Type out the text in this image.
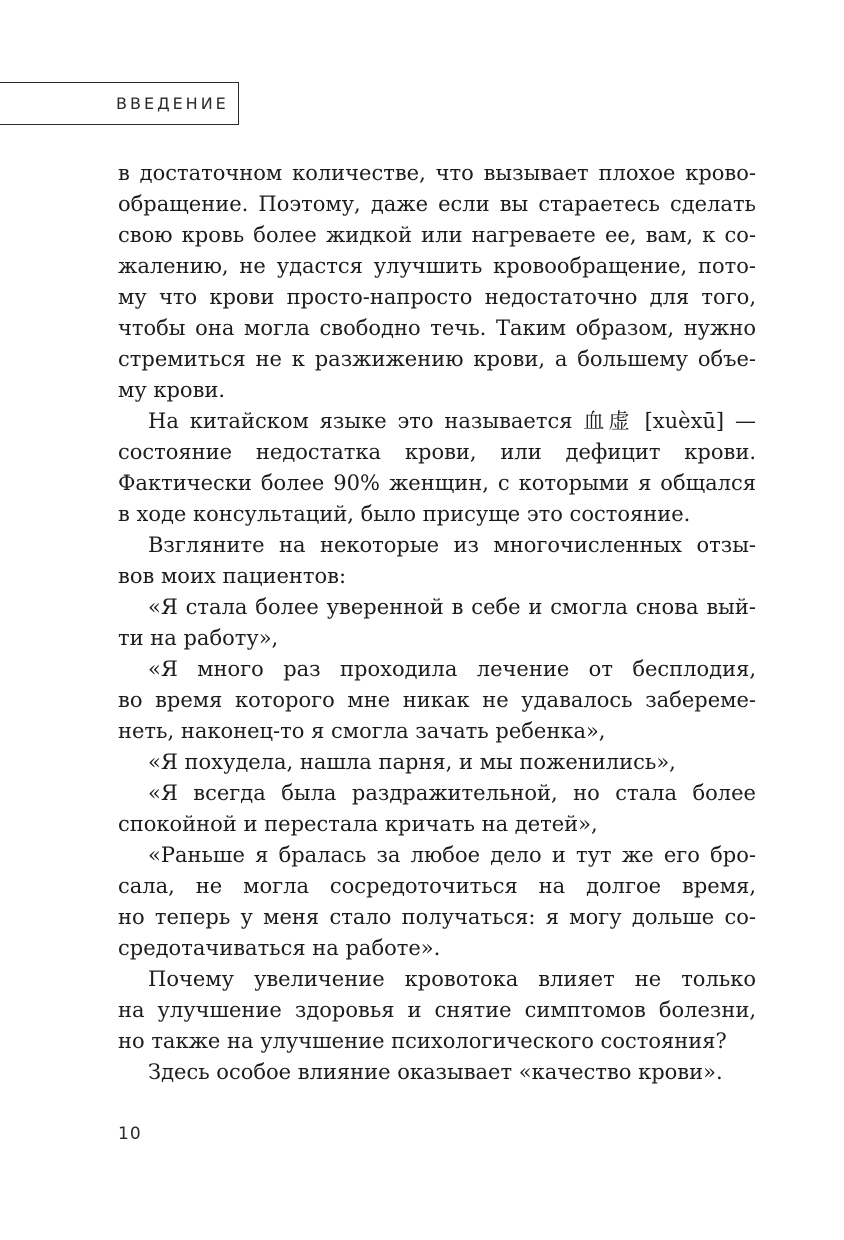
ВВЕДЕНИЕ
в достаточном количестве, что вызывает плохое крово-
обращение. Поэтому, даже если вы стараетесь сделать
свою кровь более жидкой или нагреваете ее, вам, к со-
жалению, не удастся улучшить кровообращение, пото-
му что крови просто-напросто недостаточно для того,
чтобы она могла свободно течь. Таким образом, нужно
стремиться не к разжижению крови, а большему объе-
му крови.
На китайском языке это называется 血虚 [xuèxū] —
состояние недостатка крови, или дефицит крови.
Фактически более 90% женщин, с которыми я общался
в ходе консультаций, было присуще это состояние.
Взгляните на некоторые из многочисленных отзы-
вов моих пациентов:
«Я стала более уверенной в себе и смогла снова вый-
ти на работу»,
«Я много раз проходила лечение от бесплодия,
во время которого мне никак не удавалось забереме-
неть, наконец-то я смогла зачать ребенка»,
«Я похудела, нашла парня, и мы поженились»,
«Я всегда была раздражительной, но стала более
спокойной и перестала кричать на детей»,
«Раньше я бралась за любое дело и тут же его бро-
сала, не могла сосредоточиться на долгое время,
но теперь у меня стало получаться: я могу дольше со-
средотачиваться на работе».
Почему увеличение кровотока влияет не только
на улучшение здоровья и снятие симптомов болезни,
но также на улучшение психологического состояния?
Здесь особое влияние оказывает «качество крови».
10
